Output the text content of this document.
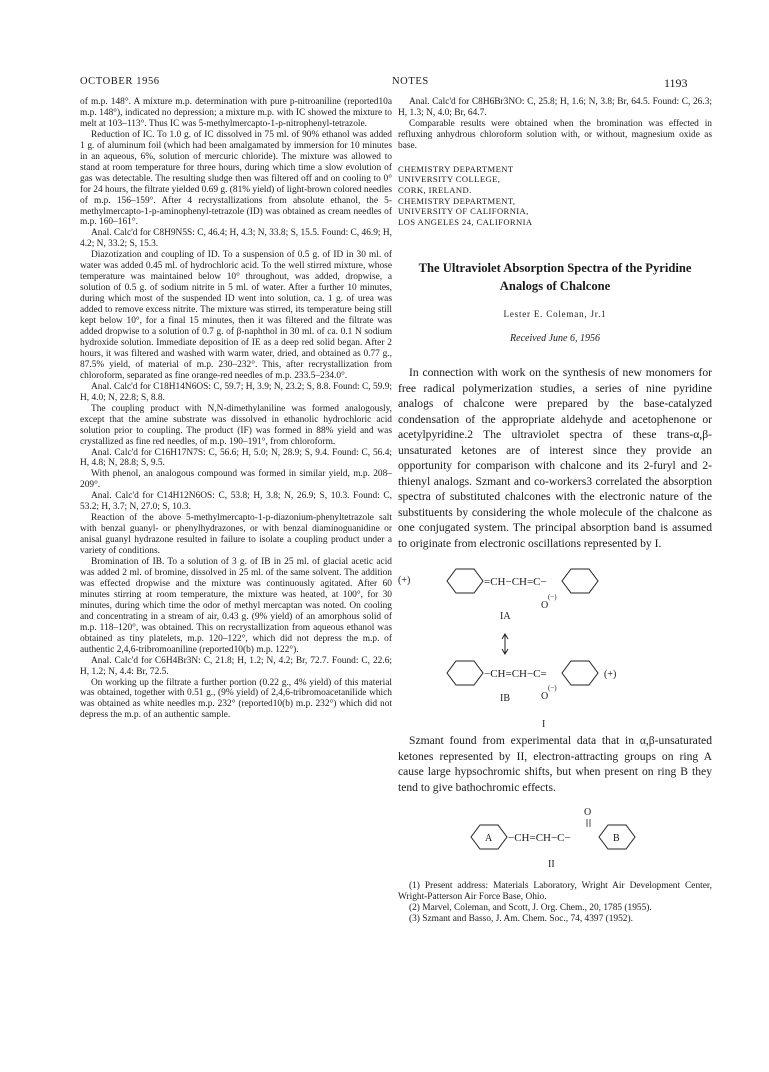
OCTOBER 1956	NOTES	1193

of m.p. 148°. A mixture m.p. determination with pure p-nitroaniline (reported10a m.p. 148°), indicated no depression; a mixture m.p. with IC showed the mixture to melt at 103–113°. Thus IC was 5-methylmercapto-1-p-nitrophenyl-tetrazole.

Reduction of IC. To 1.0 g. of IC dissolved in 75 ml. of 90% ethanol was added 1 g. of aluminum foil (which had been amalgamated by immersion for 10 minutes in an aqueous, 6%, solution of mercuric chloride). The mixture was allowed to stand at room temperature for three hours, during which time a slow evolution of gas was detectable. The resulting sludge then was filtered off and on cooling to 0° for 24 hours, the filtrate yielded 0.69 g. (81% yield) of light-brown colored needles of m.p. 156–159°. After 4 recrystallizations from absolute ethanol, the 5-methylmercapto-1-p-aminophenyl-tetrazole (ID) was obtained as cream needles of m.p. 160–161°.

Anal. Calc'd for C8H9N5S: C, 46.4; H, 4.3; N, 33.8; S, 15.5. Found: C, 46.9; H, 4.2; N, 33.2; S, 15.3.

Diazotization and coupling of ID. To a suspension of 0.5 g. of ID in 30 ml. of water was added 0.45 ml. of hydrochloric acid. To the well stirred mixture, whose temperature was maintained below 10° throughout, was added, dropwise, a solution of 0.5 g. of sodium nitrite in 5 ml. of water. After a further 10 minutes, during which most of the suspended ID went into solution, ca. 1 g. of urea was added to remove excess nitrite. The mixture was stirred, its temperature being still kept below 10°, for a final 15 minutes, then it was filtered and the filtrate was added dropwise to a solution of 0.7 g. of β-naphthol in 30 ml. of ca. 0.1 N sodium hydroxide solution. Immediate deposition of IE as a deep red solid began. After 2 hours, it was filtered and washed with warm water, dried, and obtained as 0.77 g., 87.5% yield, of material of m.p. 230–232°. This, after recrystallization from chloroform, separated as fine orange-red needles of m.p. 233.5–234.0°.

Anal. Calc'd for C18H14N6OS: C, 59.7; H, 3.9; N, 23.2; S, 8.8. Found: C, 59.9; H, 4.0; N, 22.8; S, 8.8.

The coupling product with N,N-dimethylaniline was formed analogously, except that the amine substrate was dissolved in ethanolic hydrochloric acid solution prior to coupling. The product (IF) was formed in 88% yield and was crystallized as fine red needles, of m.p. 190–191°, from chloroform.

Anal. Calc'd for C16H17N7S: C, 56.6; H, 5.0; N, 28.9; S, 9.4. Found: C, 56.4; H, 4.8; N, 28.8; S, 9.5.

With phenol, an analogous compound was formed in similar yield, m.p. 208–209°.

Anal. Calc'd for C14H12N6OS: C, 53.8; H, 3.8; N, 26.9; S, 10.3. Found: C, 53.2; H, 3.7; N, 27.0; S, 10.3.

Reaction of the above 5-methylmercapto-1-p-diazonium-phenyltetrazole salt with benzal guanyl- or phenylhydrazones, or with benzal diaminoguanidine or anisal guanyl hydrazone resulted in failure to isolate a coupling product under a variety of conditions.

Bromination of IB. To a solution of 3 g. of IB in 25 ml. of glacial acetic acid was added 2 ml. of bromine, dissolved in 25 ml. of the same solvent. The addition was effected dropwise and the mixture was continuously agitated. After 60 minutes stirring at room temperature, the mixture was heated, at 100°, for 30 minutes, during which time the odor of methyl mercaptan was noted. On cooling and concentrating in a stream of air, 0.43 g. (9% yield) of an amorphous solid of m.p. 118–120°, was obtained. This on recrystallization from aqueous ethanol was obtained as tiny platelets, m.p. 120–122°, which did not depress the m.p. of authentic 2,4,6-tribromoaniline (reported10(b) m.p. 122°).

Anal. Calc'd for C6H4Br3N: C, 21.8; H, 1.2; N, 4.2; Br, 72.7. Found: C, 22.6; H, 1.2; N, 4.4: Br, 72.5.

On working up the filtrate a further portion (0.22 g., 4% yield) of this material was obtained, together with 0.51 g., (9% yield) of 2,4,6-tribromoacetanilide which was obtained as white needles m.p. 232° (reported10(b) m.p. 232°) which did not depress the m.p. of an authentic sample.

Anal. Calc'd for C8H6Br3NO: C, 25.8; H, 1.6; N, 3.8; Br, 64.5. Found: C, 26.3; H, 1.3; N, 4.0; Br, 64.7.

Comparable results were obtained when the bromination was effected in refluxing anhydrous chloroform solution with, or without, magnesium oxide as base.

CHEMISTRY DEPARTMENT
UNIVERSITY COLLEGE,
CORK, IRELAND.
CHEMISTRY DEPARTMENT,
UNIVERSITY OF CALIFORNIA,
LOS ANGELES 24, CALIFORNIA
The Ultraviolet Absorption Spectra of the Pyridine Analogs of Chalcone
Lester E. Coleman, Jr.1
Received June 6, 1956

In connection with work on the synthesis of new monomers for free radical polymerization studies, a series of nine pyridine analogs of chalcone were prepared by the base-catalyzed condensation of the appropriate aldehyde and acetophenone or acetylpyridine.2 The ultraviolet spectra of these trans-α,β-unsaturated ketones are of interest since they provide an opportunity for comparison with chalcone and its 2-furyl and 2-thienyl analogs. Szmant and co-workers3 correlated the absorption spectra of substituted chalcones with the electronic nature of the substituents by considering the whole molecule of the chalcone as one conjugated system. The principal absorption band is assumed to originate from electronic oscillations represented by I.

(+)	=CH−CH=C−
O
(−)
IA
−CH=CH−C=	(+)
O
(−)
IB
I

Szmant found from experimental data that in α,β-unsaturated ketones represented by II, electron-attracting groups on ring A cause large hypsochromic shifts, but when present on ring B they tend to give bathochromic effects.

O
A −CH=CH−C−	B
II

(1) Present address: Materials Laboratory, Wright Air Development Center, Wright-Patterson Air Force Base, Ohio.

(2) Marvel, Coleman, and Scott, J. Org. Chem., 20, 1785 (1955).

(3) Szmant and Basso, J. Am. Chem. Soc., 74, 4397 (1952).
